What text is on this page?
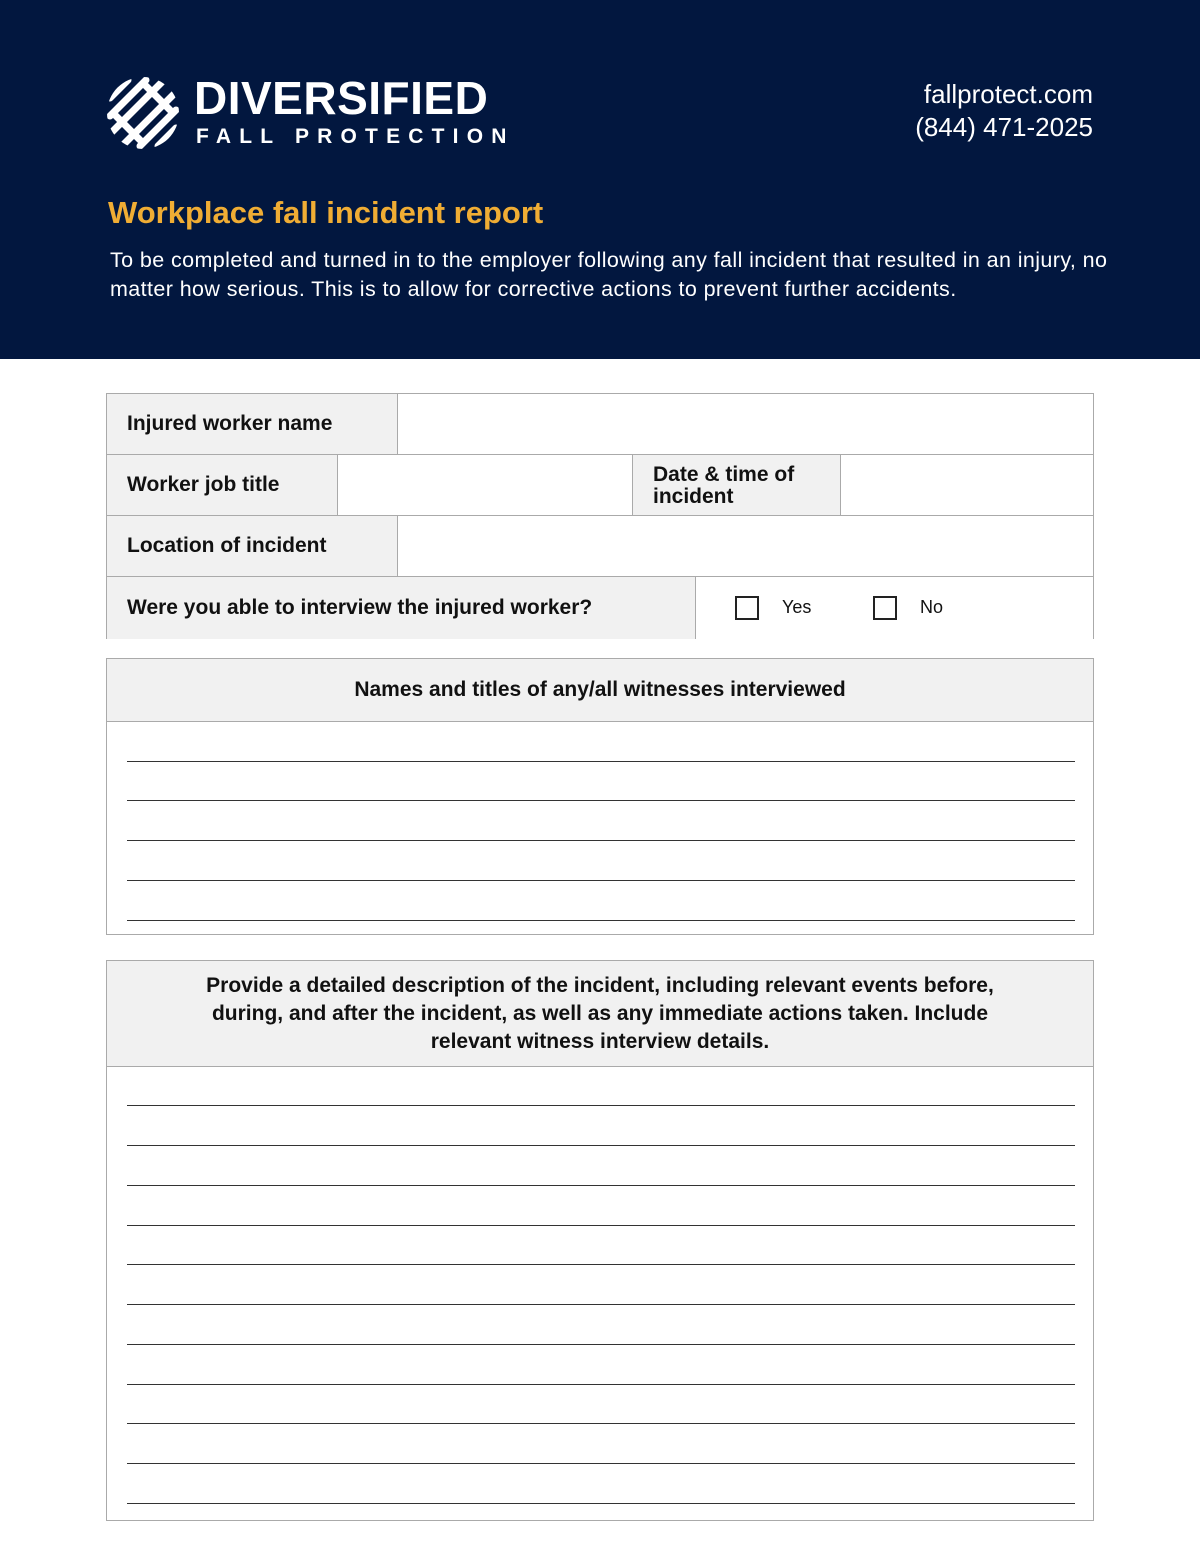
DIVERSIFIED
FALL PROTECTION
fallprotect.com
(844) 471-2025
Workplace fall incident report
To be completed and turned in to the employer following any fall incident that resulted in an injury, no matter how serious. This is to allow for corrective actions to prevent further accidents.
Injured worker name
Worker job title	Date & time of incident
Location of incident
Were you able to interview the injured worker?	Yes	No
Names and titles of any/all witnesses interviewed
Provide a detailed description of the incident, including relevant events before, during, and after the incident, as well as any immediate actions taken. Include relevant witness interview details.
